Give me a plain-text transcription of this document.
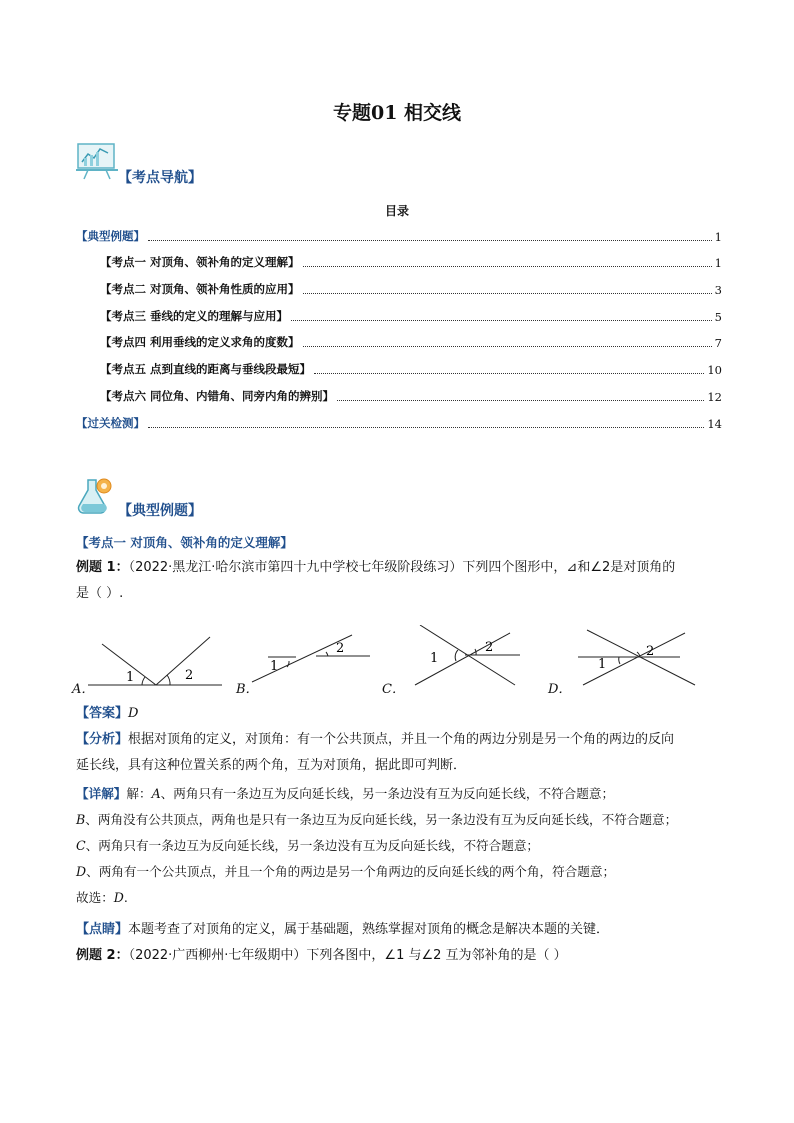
专题01 相交线
【考点导航】
目录
【典型例题】	1
【考点一 对顶角、领补角的定义理解】	1
【考点二 对顶角、领补角性质的应用】	3
【考点三 垂线的定义的理解与应用】	5
【考点四 利用垂线的定义求角的度数】	7
【考点五 点到直线的距离与垂线段最短】	10
【考点六 同位角、内错角、同旁内角的辨别】	12
【过关检测】	14
【典型例题】
【考点一 对顶角、领补角的定义理解】
例题 1：（2022·黑龙江·哈尔滨市第四十九中学校七年级阶段练习）下列四个图形中，⊿和∠2是对顶角的
是（ ）.
1	2
1
2
1
2
1
2
A．	B．	C．	D．
【答案】D
【分析】根据对顶角的定义，对顶角：有一个公共顶点，并且一个角的两边分别是另一个角的两边的反向
延长线，具有这种位置关系的两个角，互为对顶角，据此即可判断．
【详解】解：A、两角只有一条边互为反向延长线，另一条边没有互为反向延长线，不符合题意；
B、两角没有公共顶点，两角也是只有一条边互为反向延长线，另一条边没有互为反向延长线，不符合题意；
C、两角只有一条边互为反向延长线，另一条边没有互为反向延长线，不符合题意；
D、两角有一个公共顶点，并且一个角的两边是另一个角两边的反向延长线的两个角，符合题意；
故选：D.
【点睛】本题考查了对顶角的定义，属于基础题，熟练掌握对顶角的概念是解决本题的关键．
例题 2：（2022·广西柳州·七年级期中）下列各图中，∠1 与∠2 互为邻补角的是（ ）
